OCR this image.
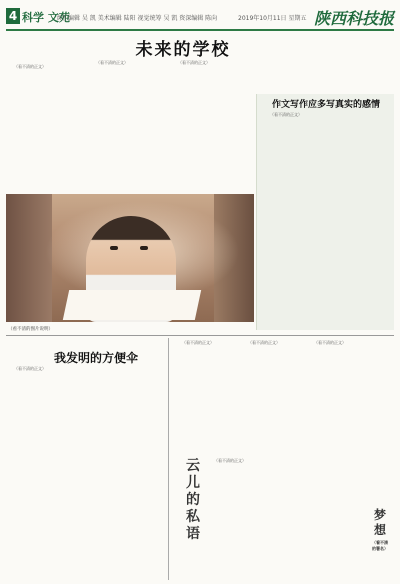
4 科学 文苑
责任编辑 吴 凯 美术编辑 陆阳 视觉统筹 吴 凯 资深编辑 陈向	2019年10月11日 星期五 陕西科技报
未来的学校

（看不清的正文）

（看不清的正文）	（看不清的正文）

作文写作应多写真实的感情

（看不清的正文）

（看不清的图片说明）
我发明的方便伞

（看不清的正文）

云
儿
的
私
语

（看不清的正文）

（看不清的正文）

（看不清的正文）	（看不清的正文）

梦
想
（看不清的署名）
